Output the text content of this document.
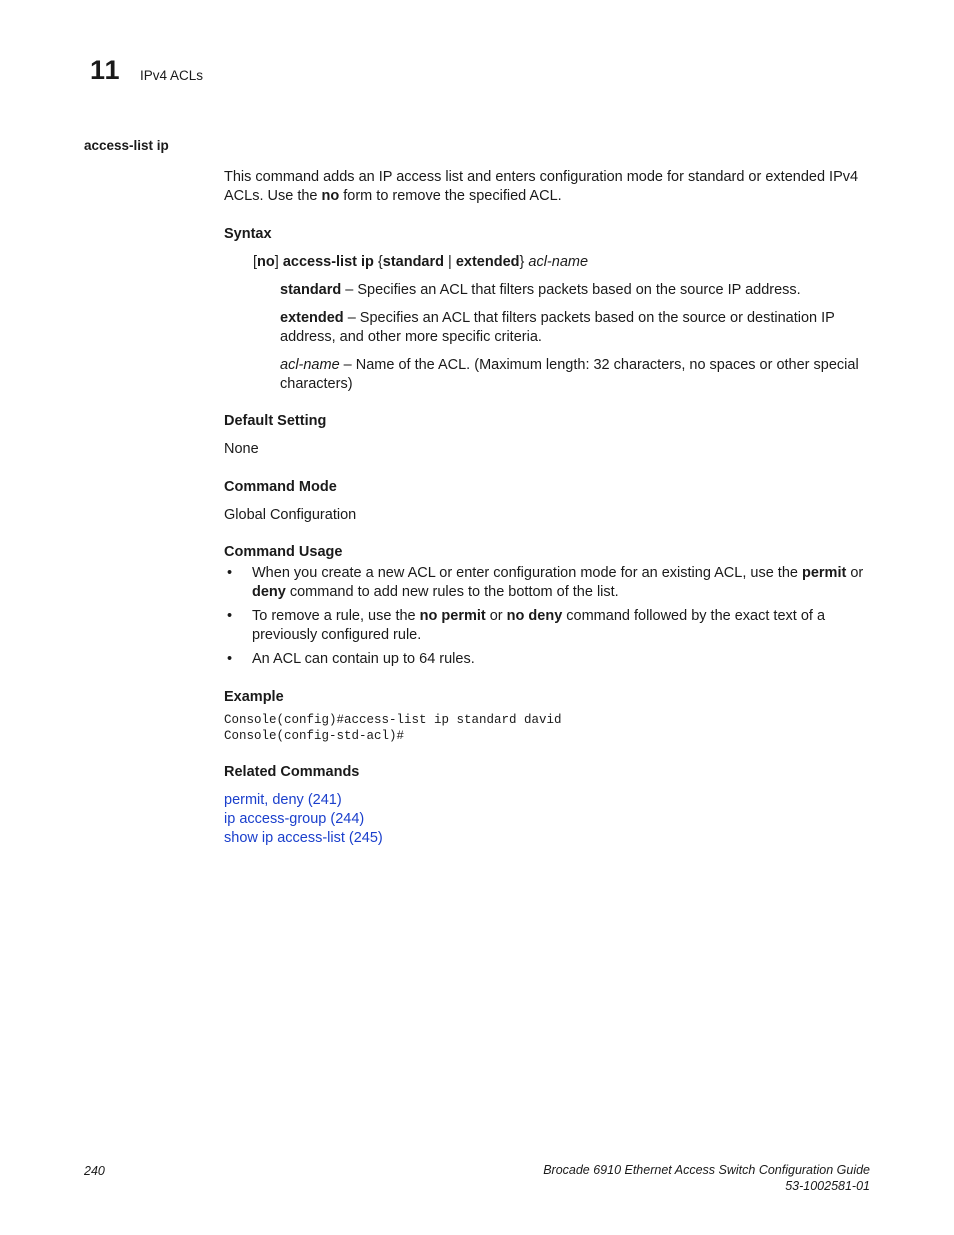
11 IPv4 ACLs
access-list ip

This command adds an IP access list and enters configuration mode for standard or extended IPv4 ACLs. Use the no form to remove the specified ACL.

Syntax

[no] access-list ip {standard | extended} acl-name

standard – Specifies an ACL that filters packets based on the source IP address.

extended – Specifies an ACL that filters packets based on the source or destination IP address, and other more specific criteria.

acl-name – Name of the ACL. (Maximum length: 32 characters, no spaces or other special characters)

Default Setting

None

Command Mode

Global Configuration

Command Usage

• When you create a new ACL or enter configuration mode for an existing ACL, use the permit or deny command to add new rules to the bottom of the list.
• To remove a rule, use the no permit or no deny command followed by the exact text of a previously configured rule.
• An ACL can contain up to 64 rules.

Example

Console(config)#access-list ip standard david
Console(config-std-acl)#

Related Commands

permit, deny (241)
ip access-group (244)
show ip access-list (245)
240	Brocade 6910 Ethernet Access Switch Configuration Guide
53-1002581-01
